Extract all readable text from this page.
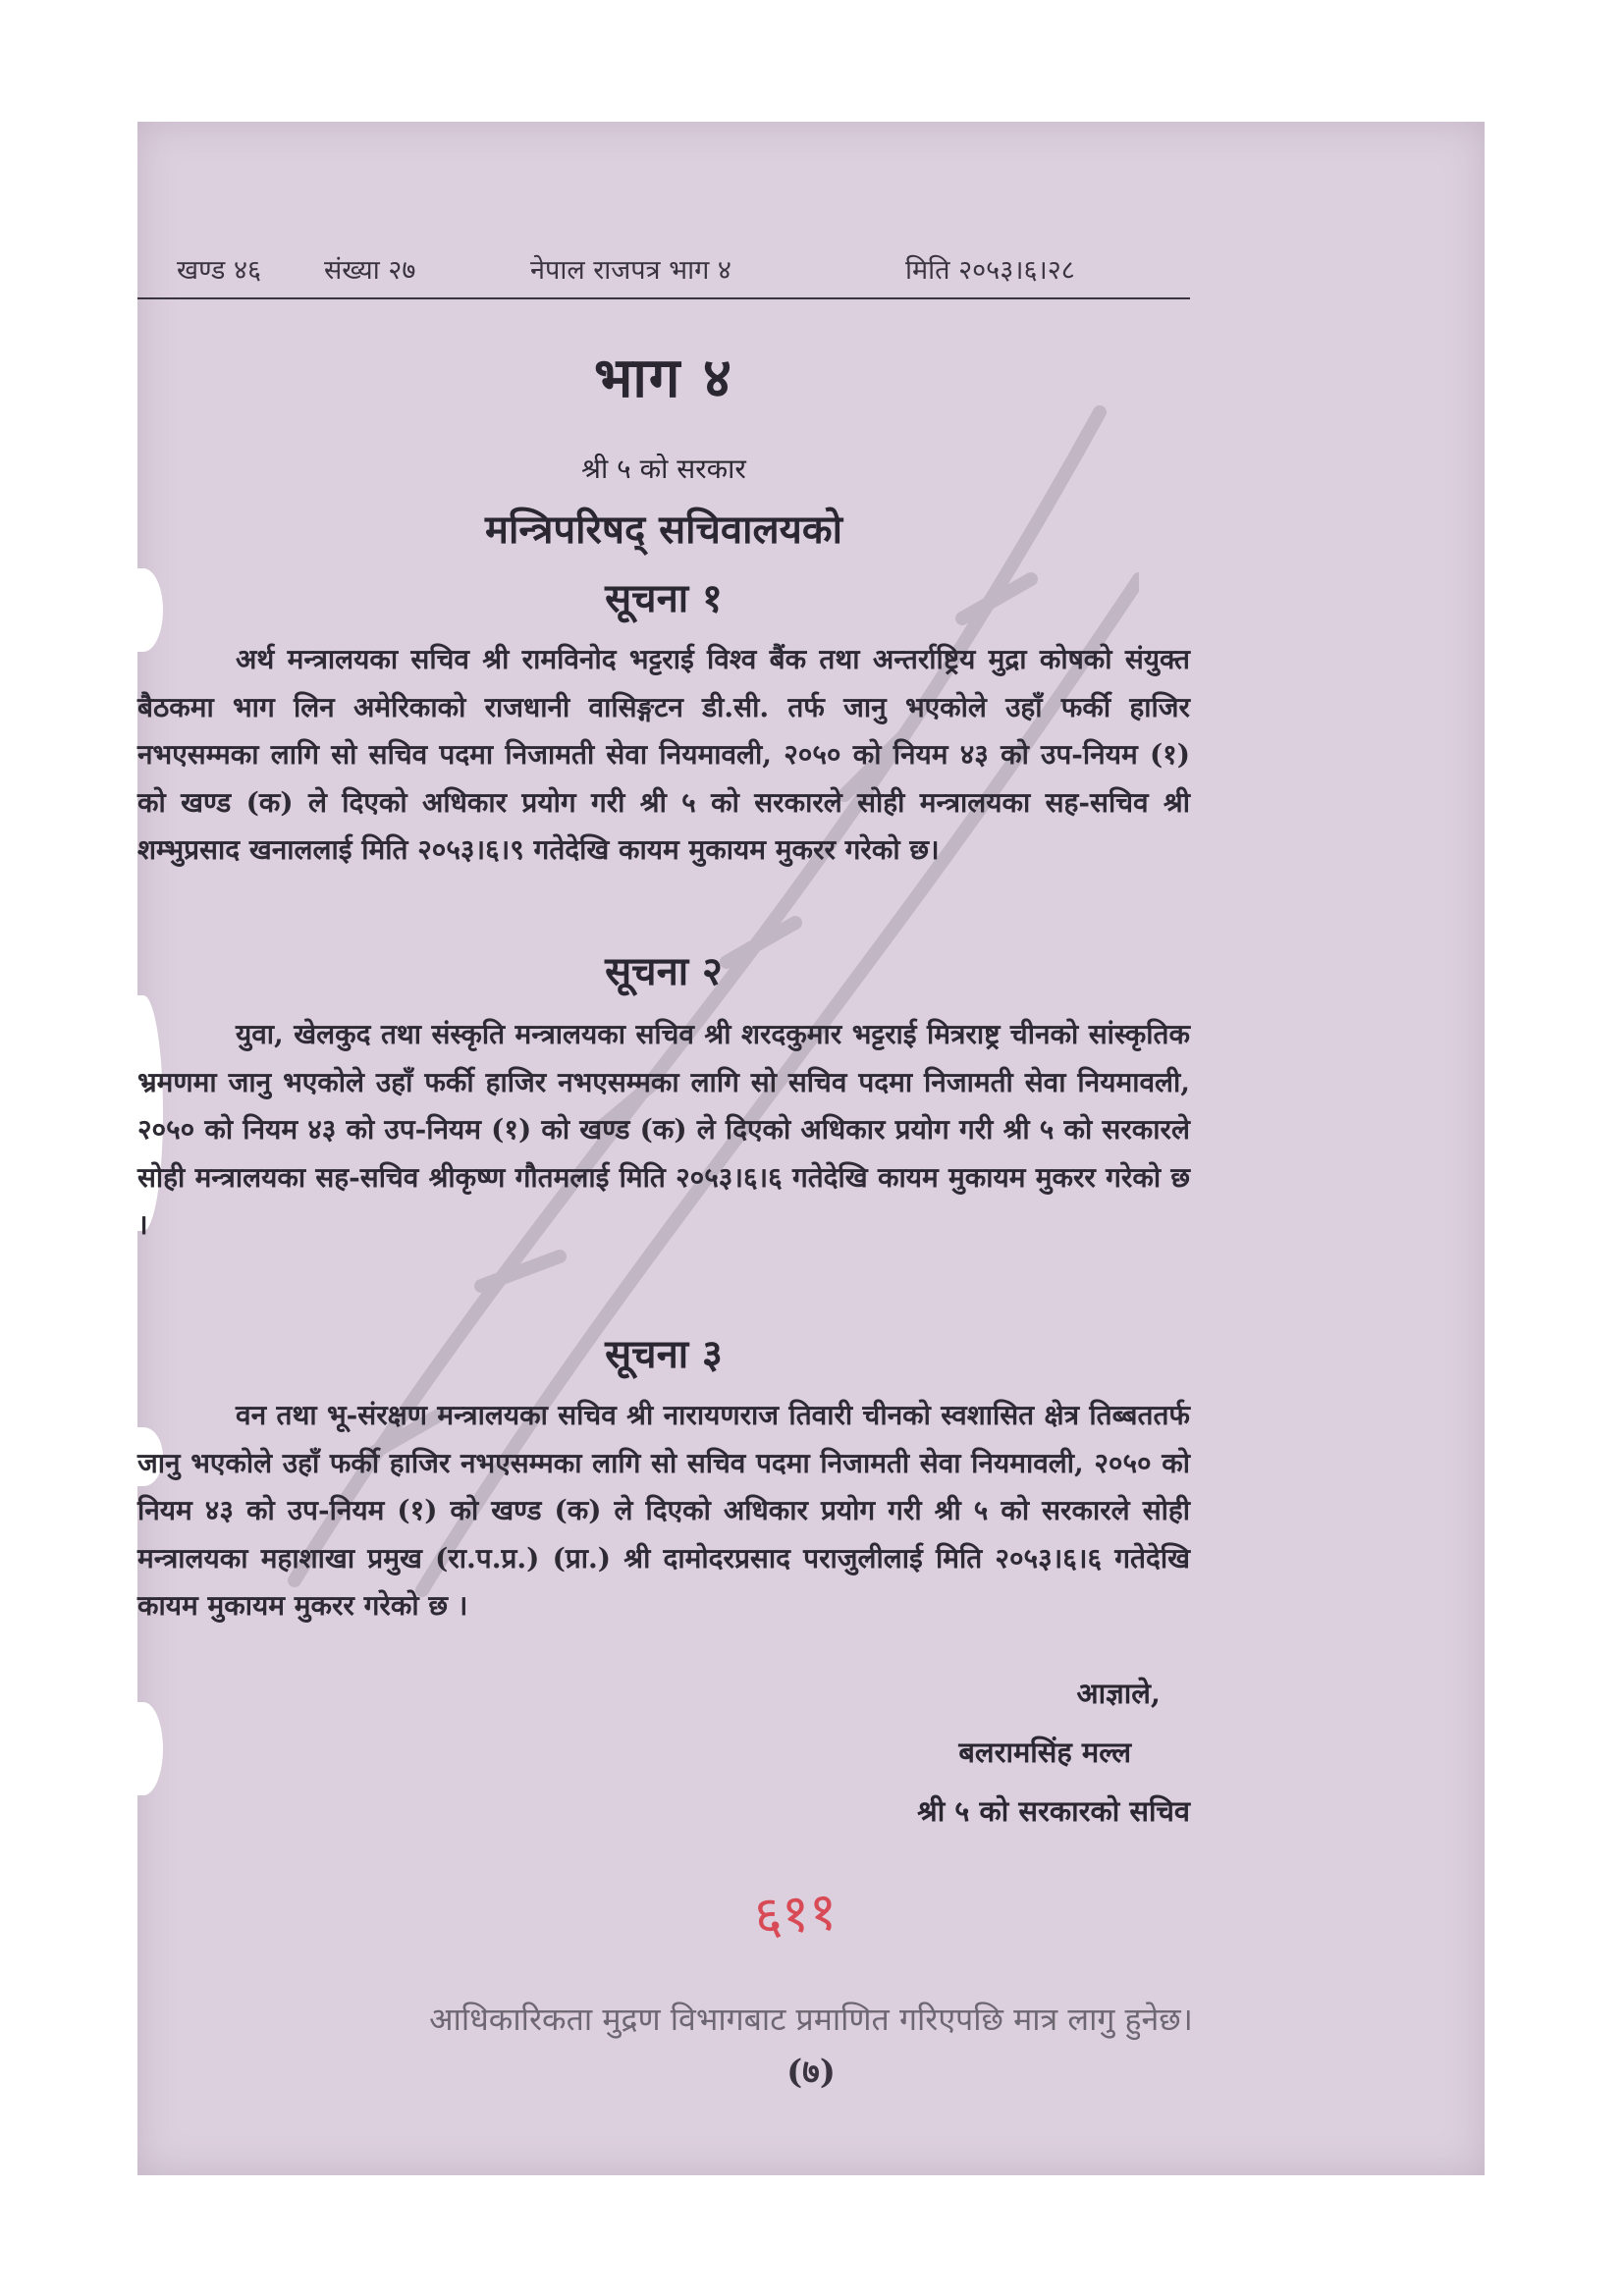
खण्ड ४६ संख्या २७	नेपाल राजपत्र भाग ४	मिति २०५३।६।२८
भाग ४
श्री ५ को सरकार
मन्त्रिपरिषद् सचिवालयको
सूचना १
अर्थ मन्त्रालयका सचिव श्री रामविनोद भट्टराई विश्व बैंक तथा अन्तर्राष्ट्रिय मुद्रा कोषको संयुक्त बैठकमा भाग लिन अमेरिकाको राजधानी वासिङ्गटन डी.सी. तर्फ जानु भएकोले उहाँ फर्की हाजिर नभएसम्मका लागि सो सचिव पदमा निजामती सेवा नियमावली, २०५० को नियम ४३ को उप-नियम (१) को खण्ड (क) ले दिएको अधिकार प्रयोग गरी श्री ५ को सरकारले सोही मन्त्रालयका सह-सचिव श्री शम्भुप्रसाद खनाललाई मिति २०५३।६।९ गतेदेखि कायम मुकायम मुकरर गरेको छ।
सूचना २
युवा, खेलकुद तथा संस्कृति मन्त्रालयका सचिव श्री शरदकुमार भट्टराई मित्रराष्ट्र चीनको सांस्कृतिक भ्रमणमा जानु भएकोले उहाँ फर्की हाजिर नभएसम्मका लागि सो सचिव पदमा निजामती सेवा नियमावली, २०५० को नियम ४३ को उप-नियम (१) को खण्ड (क) ले दिएको अधिकार प्रयोग गरी श्री ५ को सरकारले सोही मन्त्रालयका सह-सचिव श्रीकृष्ण गौतमलाई मिति २०५३।६।६ गतेदेखि कायम मुकायम मुकरर गरेको छ ।
सूचना ३
वन तथा भू-संरक्षण मन्त्रालयका सचिव श्री नारायणराज तिवारी चीनको स्वशासित क्षेत्र तिब्बततर्फ जानु भएकोले उहाँ फर्की हाजिर नभएसम्मका लागि सो सचिव पदमा निजामती सेवा नियमावली, २०५० को नियम ४३ को उप-नियम (१) को खण्ड (क) ले दिएको अधिकार प्रयोग गरी श्री ५ को सरकारले सोही मन्त्रालयका महाशाखा प्रमुख (रा.प.प्र.) (प्रा.) श्री दामोदरप्रसाद पराजुलीलाई मिति २०५३।६।६ गतेदेखि कायम मुकायम मुकरर गरेको छ ।
आज्ञाले,
बलरामसिंह मल्ल
श्री ५ को सरकारको सचिव
६११
आधिकारिकता मुद्रण विभागबाट प्रमाणित गरिएपछि मात्र लागु हुनेछ।
(७)
